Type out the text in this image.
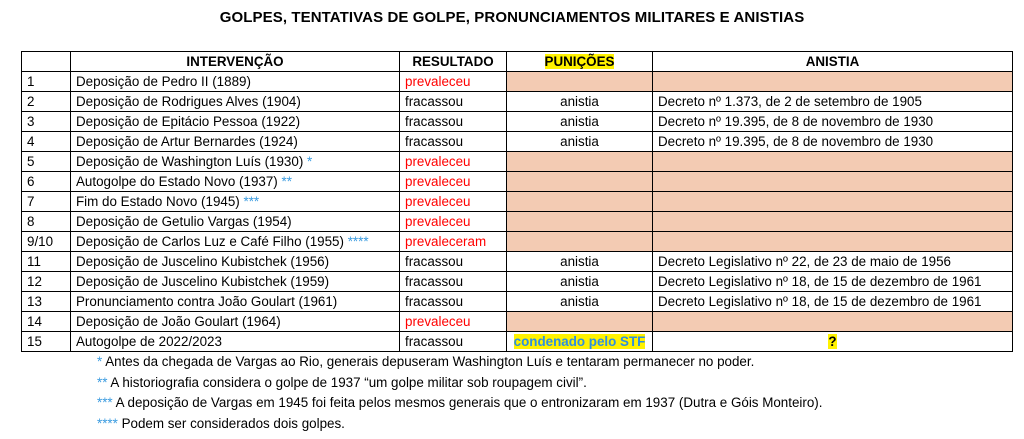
GOLPES, TENTATIVAS DE GOLPE, PRONUNCIAMENTOS MILITARES E ANISTIAS
	INTERVENÇÃO	RESULTADO	PUNIÇÕES	ANISTIA
1	Deposição de Pedro II (1889)	prevaleceu		
2	Deposição de Rodrigues Alves (1904)	fracassou	anistia	Decreto nº 1.373, de 2 de setembro de 1905
3	Deposição de Epitácio Pessoa (1922)	fracassou	anistia	Decreto nº 19.395, de 8 de novembro de 1930
4	Deposição de Artur Bernardes (1924)	fracassou	anistia	Decreto nº 19.395, de 8 de novembro de 1930
5	Deposição de Washington Luís (1930) *	prevaleceu		
6	Autogolpe do Estado Novo (1937) **	prevaleceu		
7	Fim do Estado Novo (1945) ***	prevaleceu		
8	Deposição de Getulio Vargas (1954)	prevaleceu		
9/10	Deposição de Carlos Luz e Café Filho (1955) ****	prevaleceram		
11	Deposição de Juscelino Kubistchek (1956)	fracassou	anistia	Decreto Legislativo nº 22, de 23 de maio de 1956
12	Deposição de Juscelino Kubistchek (1959)	fracassou	anistia	Decreto Legislativo nº 18, de 15 de dezembro de 1961
13	Pronunciamento contra João Goulart (1961)	fracassou	anistia	Decreto Legislativo nº 18, de 15 de dezembro de 1961
14	Deposição de João Goulart (1964)	prevaleceu		
15	Autogolpe de 2022/2023	fracassou	condenado pelo STF	?
* Antes da chegada de Vargas ao Rio, generais depuseram Washington Luís e tentaram permanecer no poder.
** A historiografia considera o golpe de 1937 “um golpe militar sob roupagem civil”.
*** A deposição de Vargas em 1945 foi feita pelos mesmos generais que o entronizaram em 1937 (Dutra e Góis Monteiro).
**** Podem ser considerados dois golpes.
